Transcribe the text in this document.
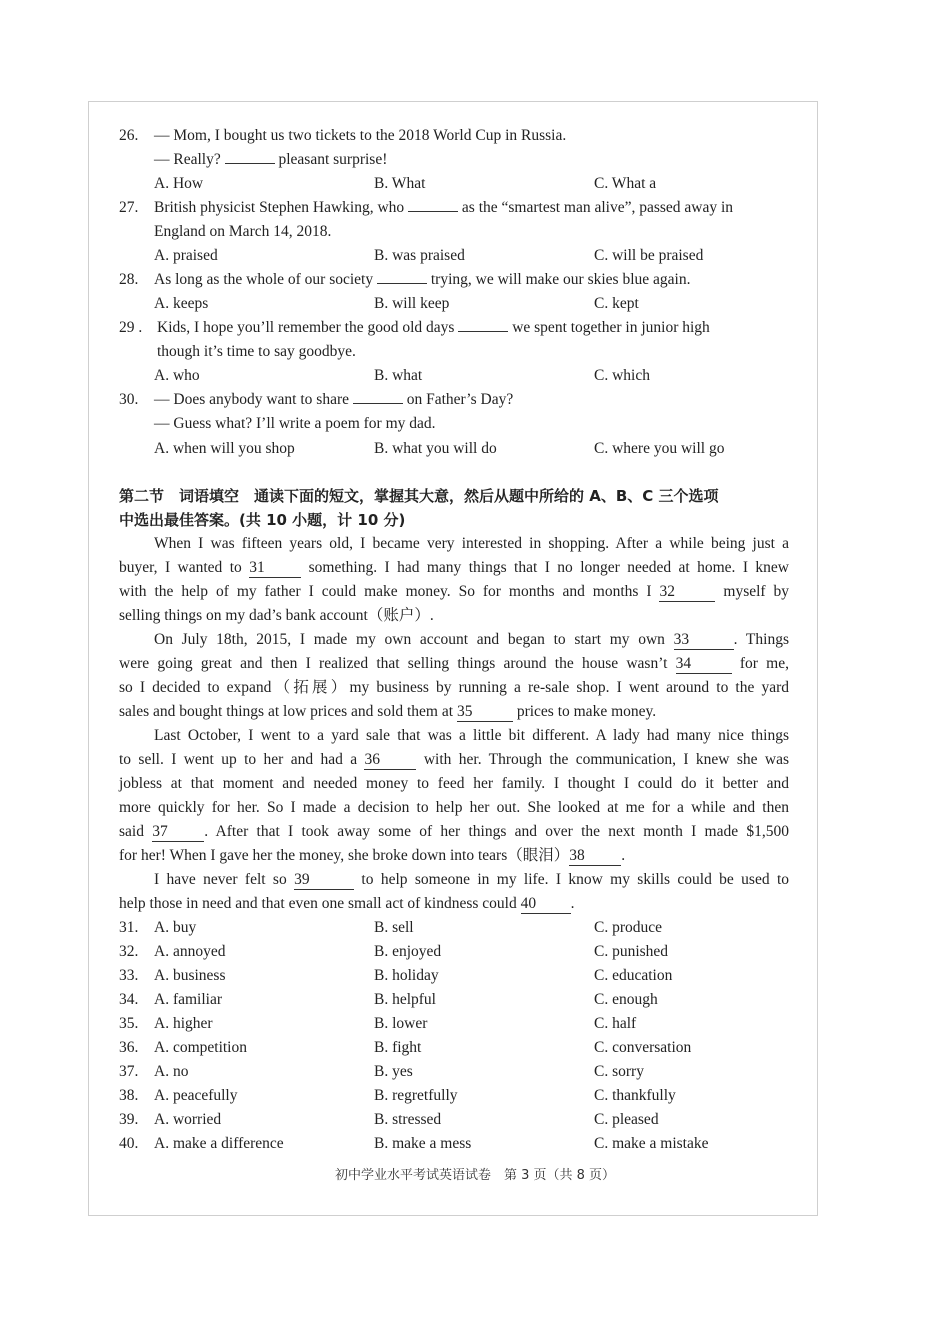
26. — Mom, I bought us two tickets to the 2018 World Cup in Russia.
— Really?	pleasant surprise!
A. How	B. What	C. What a
27. British physicist Stephen Hawking, who	as the “smartest man alive”, passed away in
England on March 14, 2018.
A. praised	B. was praised	C. will be praised
28. As long as the whole of our society	trying, we will make our skies blue again.
A. keeps	B. will keep	C. kept
29 . Kids, I hope you’ll remember the good old days	we spent together in junior high
though it’s time to say goodbye.
A. who	B. what	C. which
30. — Does anybody want to share	on Father’s Day?
— Guess what? I’ll write a poem for my dad.
A. when will you shop	B. what you will do	C. where you will go
第二节　词语填空　通读下面的短文，掌握其大意，然后从题中所给的 A、B、C 三个选项
中选出最佳答案。(共 10 小题，计 10 分)
When I was fifteen years old, I became very interested in shopping. After a while being just a
buyer, I wanted to 31 something. I had many things that I no longer needed at home. I knew
with the help of my father I could make money. So for months and months I 32	myself by
selling things on my dad’s bank account（账户）.
On July 18th, 2015, I made my own account and began to start my own 33	. Things
were going great and then I realized that selling things around the house wasn’t 34	for me,
so I decided to expand（拓展）my business by running a re-sale shop. I went around to the yard
sales and bought things at low prices and sold them at 35	prices to make money.
Last October, I went to a yard sale that was a little bit different. A lady had many nice things
to sell. I went up to her and had a 36 with her. Through the communication, I knew she was
jobless at that moment and needed money to feed her family. I thought I could do it better and
more quickly for her. So I made a decision to help her out. She looked at me for a while and then
said 37 . After that I took away some of her things and over the next month I made $1,500
for her! When I gave her the money, she broke down into tears（眼泪）38 .
I have never felt so 39	to help someone in my life. I know my skills could be used to
help those in need and that even one small act of kindness could 40 .
31. A. buy	B. sell	C. produce
32. A. annoyed	B. enjoyed	C. punished
33. A. business	B. holiday	C. education
34. A. familiar	B. helpful	C. enough
35. A. higher	B. lower	C. half
36. A. competition	B. fight	C. conversation
37. A. no	B. yes	C. sorry
38. A. peacefully	B. regretfully	C. thankfully
39. A. worried	B. stressed	C. pleased
40. A. make a difference	B. make a mess	C. make a mistake
初中学业水平考试英语试卷　第 3 页（共 8 页）
